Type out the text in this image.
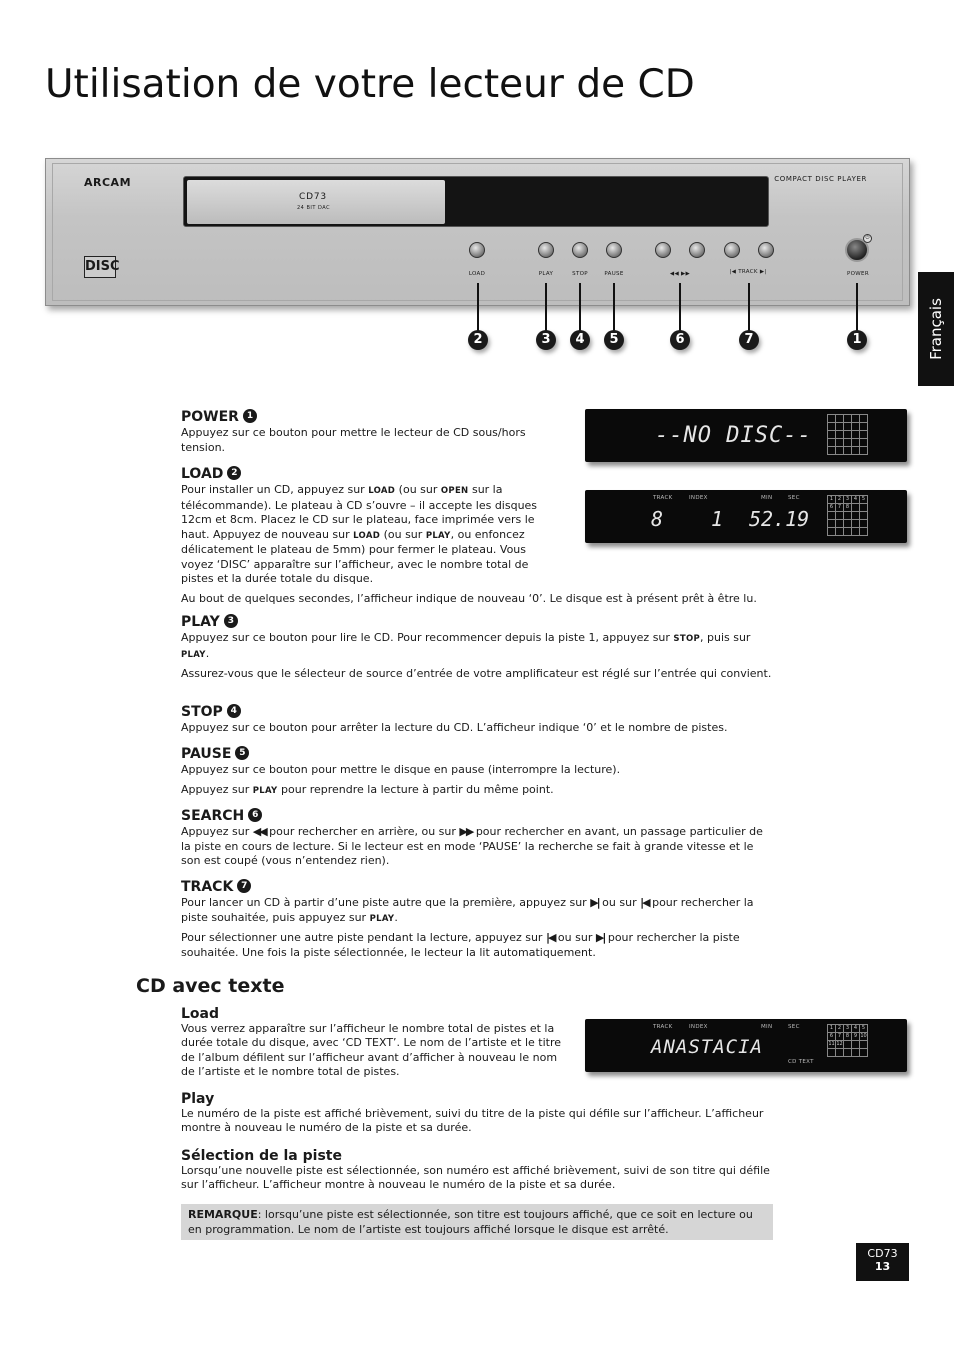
Utilisation de votre lecteur de CD
ARCAM	COMPACT DISC PLAYER
CD73
24 BIT DAC
DISC
⏻
LOAD	PLAY	STOP	PAUSE	◀◀ ▶▶	|◀ TRACK ▶|	POWER
2	3	4	5	6	7	1	Français
--NO DISC--
TRACK	INDEX	MIN	SEC
8 1 52.19
1 2 3 4 5
6 7 8
POWER 1
Appuyez sur ce bouton pour mettre le lecteur de CD sous/hors tension.
LOAD 2
Pour installer un CD, appuyez sur LOAD (ou sur OPEN sur la télécommande). Le plateau à CD s’ouvre – il accepte les disques 12cm et 8cm. Placez le CD sur le plateau, face imprimée vers le haut. Appuyez de nouveau sur LOAD (ou sur PLAY, ou enfoncez délicatement le plateau de 5mm) pour fermer le plateau. Vous voyez ‘DISC’ apparaître sur l’afficheur, avec le nombre total de pistes et la durée totale du disque.
Au bout de quelques secondes, l’afficheur indique de nouveau ‘0’. Le disque est à présent prêt à être lu.
PLAY 3
Appuyez sur ce bouton pour lire le CD. Pour recommencer depuis la piste 1, appuyez sur STOP, puis sur PLAY.
Assurez-vous que le sélecteur de source d’entrée de votre amplificateur est réglé sur l’entrée qui convient.
STOP 4
Appuyez sur ce bouton pour arrêter la lecture du CD. L’afficheur indique ‘0’ et le nombre de pistes.
PAUSE 5
Appuyez sur ce bouton pour mettre le disque en pause (interrompre la lecture).
Appuyez sur PLAY pour reprendre la lecture à partir du même point.
SEARCH 6
Appuyez sur ◀◀ pour rechercher en arrière, ou sur ▶▶ pour rechercher en avant, un passage particulier de la piste en cours de lecture. Si le lecteur est en mode ‘PAUSE’ la recherche se fait à grande vitesse et le son est coupé (vous n’entendez rien).
TRACK 7
Pour lancer un CD à partir d’une piste autre que la première, appuyez sur ▶| ou sur |◀ pour rechercher la piste souhaitée, puis appuyez sur PLAY.
Pour sélectionner une autre piste pendant la lecture, appuyez sur |◀ ou sur ▶| pour rechercher la piste souhaitée. Une fois la piste sélectionnée, le lecteur la lit automatiquement.
CD avec texte
TRACK	INDEX	MIN	SEC
ANASTACIA
CD TEXT
1 2 3 4 5
6 7 8 9 10
11 12
Load
Vous verrez apparaître sur l’afficheur le nombre total de pistes et la durée totale du disque, avec ‘CD TEXT’. Le nom de l’artiste et le titre de l’album défilent sur l’afficheur avant d’afficher à nouveau le nom de l’artiste et le nombre total de pistes.
Play
Le numéro de la piste est affiché brièvement, suivi du titre de la piste qui défile sur l’afficheur. L’afficheur montre à nouveau le numéro de la piste et sa durée.
Sélection de la piste
Lorsqu’une nouvelle piste est sélectionnée, son numéro est affiché brièvement, suivi de son titre qui défile sur l’afficheur. L’afficheur montre à nouveau le numéro de la piste et sa durée.
REMARQUE: lorsqu’une piste est sélectionnée, son titre est toujours affiché, que ce soit en lecture ou en programmation. Le nom de l’artiste est toujours affiché lorsque le disque est arrêté.
CD73
13
